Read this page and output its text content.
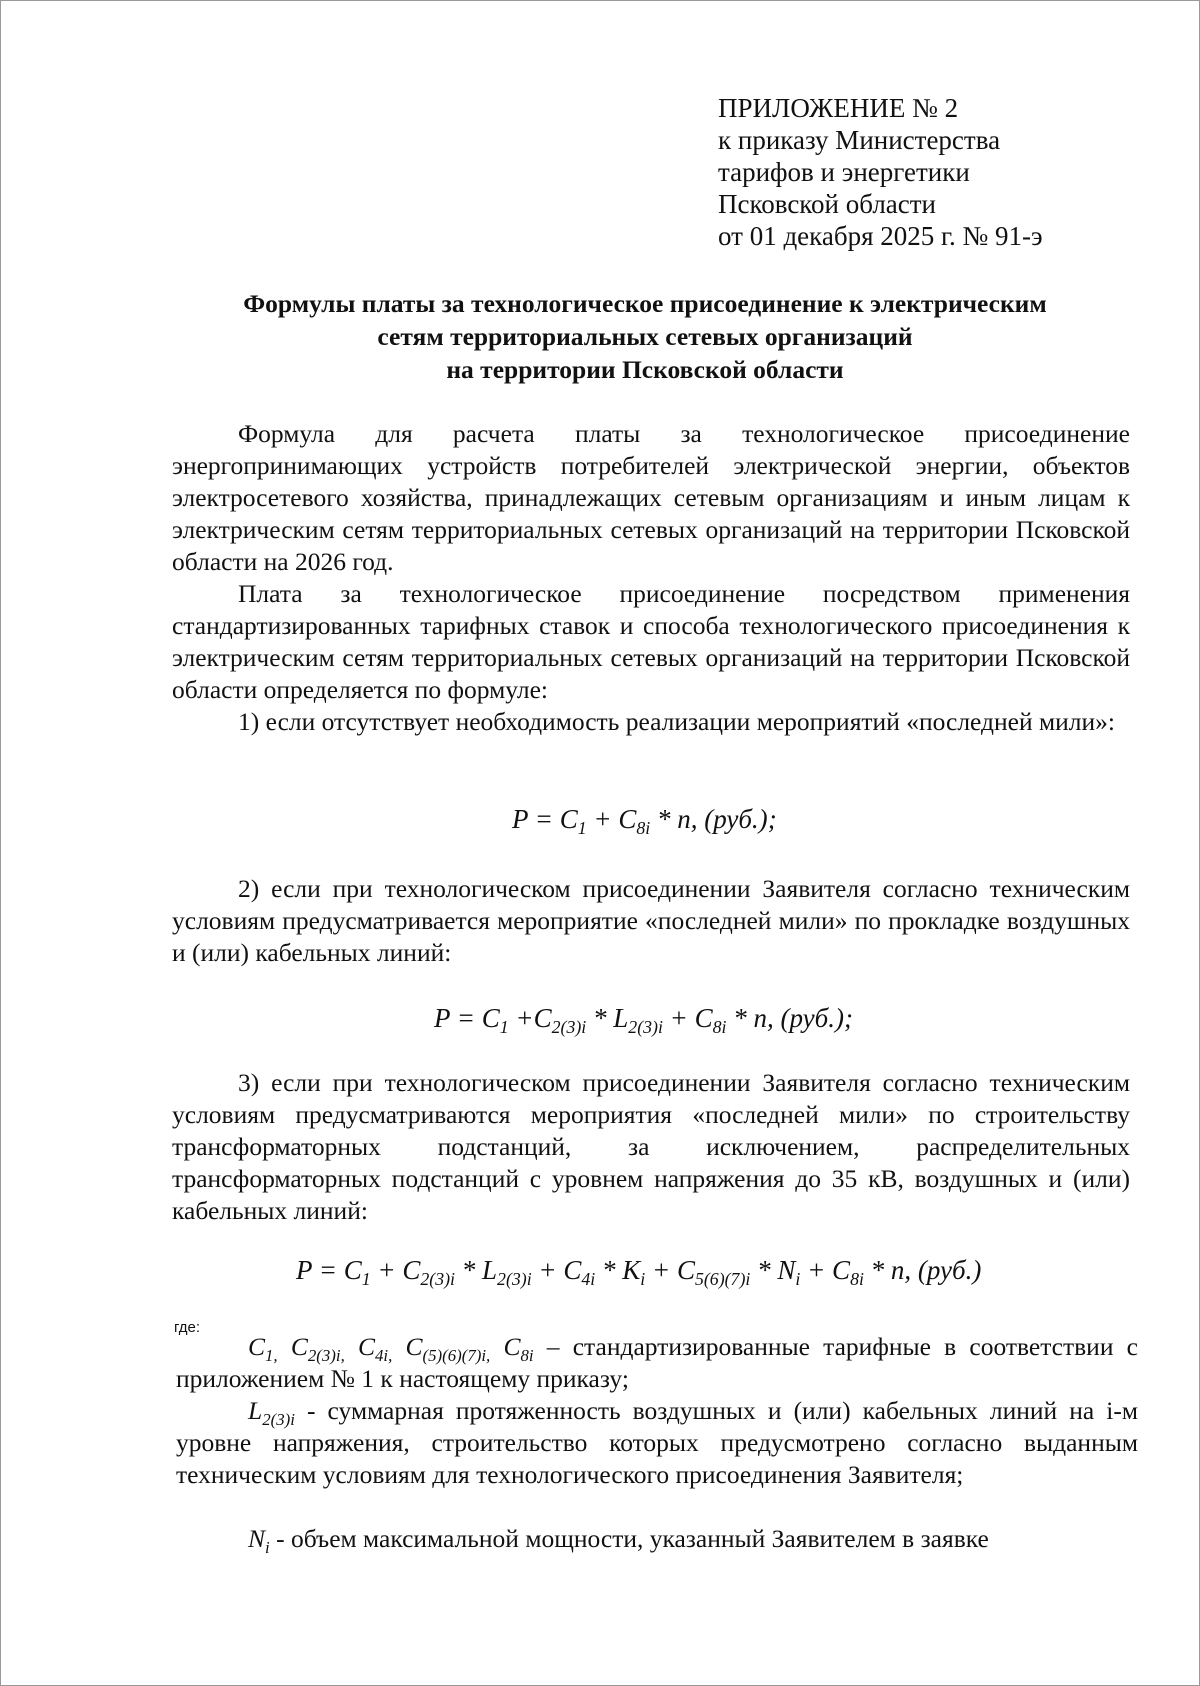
ПРИЛОЖЕНИЕ № 2
к приказу Министерства
тарифов и энергетики
Псковской области
от 01 декабря 2025 г. № 91-э
Формулы платы за технологическое присоединение к электрическим
сетям территориальных сетевых организаций
на территории Псковской области
Формула для расчета платы за технологическое присоединение энергопринимающих устройств потребителей электрической энергии, объектов электросетевого хозяйства, принадлежащих сетевым организациям и иным лицам к электрическим сетям территориальных сетевых организаций на территории Псковской области на 2026 год.
Плата за технологическое присоединение посредством применения стандартизированных тарифных ставок и способа технологического присоединения к электрическим сетям территориальных сетевых организаций на территории Псковской области определяется по формуле:
1) если отсутствует необходимость реализации мероприятий «последней мили»:
$P = C_1 + C_{8i} * n$, (руб.);
2) если при технологическом присоединении Заявителя согласно техническим условиям предусматривается мероприятие «последней мили» по прокладке воздушных и (или) кабельных линий:
$P = C_1 +C_{2(3)i} * L_{2(3)i} + C_{8i} * n$, (руб.);
3) если при технологическом присоединении Заявителя согласно техническим условиям предусматриваются мероприятия «последней мили» по строительству трансформаторных подстанций, за исключением, распределительных трансформаторных подстанций с уровнем напряжения до 35 кВ, воздушных и (или) кабельных линий:
$P = C_1 + C_{2(3)i} * L_{2(3)i} + C_{4i} * K_i + C_{5(6)(7)i} * N_i + C_{8i} * n$, (руб.)
где:
$C_{1,}$ $C_{2(3)i,}$ $C_{4i,}$ $C_{(5)(6)(7)i,}$ $C_{8i}$ – стандартизированные тарифные в соответствии с приложением № 1 к настоящему приказу;
$L_{2(3)i}$ - суммарная протяженность воздушных и (или) кабельных линий на i-м уровне напряжения, строительство которых предусмотрено согласно выданным техническим условиям для технологического присоединения Заявителя;
$N_i$ - объем максимальной мощности, указанный Заявителем в заявке
